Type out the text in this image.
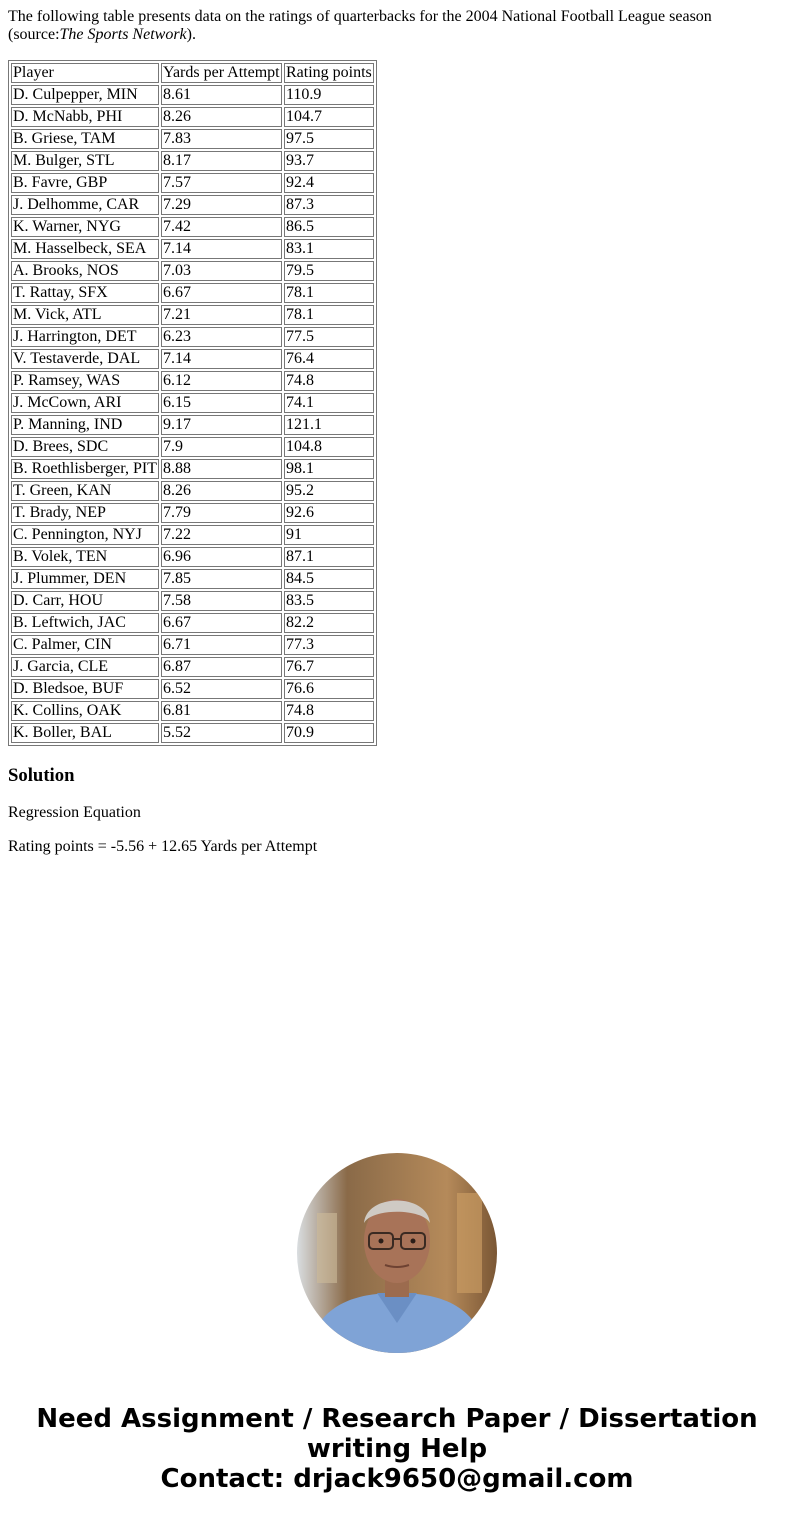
The following table presents data on the ratings of quarterbacks for the 2004 National Football League season (source:The Sports Network).

Player	Yards per Attempt	Rating points
D. Culpepper, MIN	8.61	110.9
D. McNabb, PHI	8.26	104.7
B. Griese, TAM	7.83	97.5
M. Bulger, STL	8.17	93.7
B. Favre, GBP	7.57	92.4
J. Delhomme, CAR	7.29	87.3
K. Warner, NYG	7.42	86.5
M. Hasselbeck, SEA	7.14	83.1
A. Brooks, NOS	7.03	79.5
T. Rattay, SFX	6.67	78.1
M. Vick, ATL	7.21	78.1
J. Harrington, DET	6.23	77.5
V. Testaverde, DAL	7.14	76.4
P. Ramsey, WAS	6.12	74.8
J. McCown, ARI	6.15	74.1
P. Manning, IND	9.17	121.1
D. Brees, SDC	7.9	104.8
B. Roethlisberger, PIT	8.88	98.1
T. Green, KAN	8.26	95.2
T. Brady, NEP	7.79	92.6
C. Pennington, NYJ	7.22	91
B. Volek, TEN	6.96	87.1
J. Plummer, DEN	7.85	84.5
D. Carr, HOU	7.58	83.5
B. Leftwich, JAC	6.67	82.2
C. Palmer, CIN	6.71	77.3
J. Garcia, CLE	6.87	76.7
D. Bledsoe, BUF	6.52	76.6
K. Collins, OAK	6.81	74.8
K. Boller, BAL	5.52	70.9
Solution

Regression Equation

Rating points = -5.56 + 12.65 Yards per Attempt

Need Assignment / Research Paper / Dissertation
writing Help
Contact: drjack9650@gmail.com
